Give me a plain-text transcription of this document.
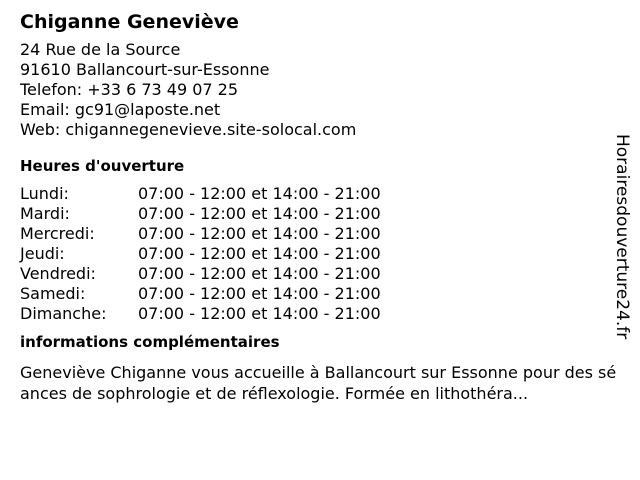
Chiganne Geneviève
24 Rue de la Source
91610 Ballancourt-sur-Essonne
Telefon: +33 6 73 49 07 25
Email: gc91@laposte.net
Web: chigannegenevieve.site-solocal.com
Heures d'ouverture
Lundi:	07:00 - 12:00 et 14:00 - 21:00
Mardi:	07:00 - 12:00 et 14:00 - 21:00
Mercredi:	07:00 - 12:00 et 14:00 - 21:00
Jeudi:	07:00 - 12:00 et 14:00 - 21:00
Vendredi:	07:00 - 12:00 et 14:00 - 21:00
Samedi:	07:00 - 12:00 et 14:00 - 21:00
Dimanche:	07:00 - 12:00 et 14:00 - 21:00
informations complémentaires
Geneviève Chiganne vous accueille à Ballancourt sur Essonne pour des séances de sophrologie et de réflexologie. Formée en lithothéra...
Horairesdouverture24.fr
